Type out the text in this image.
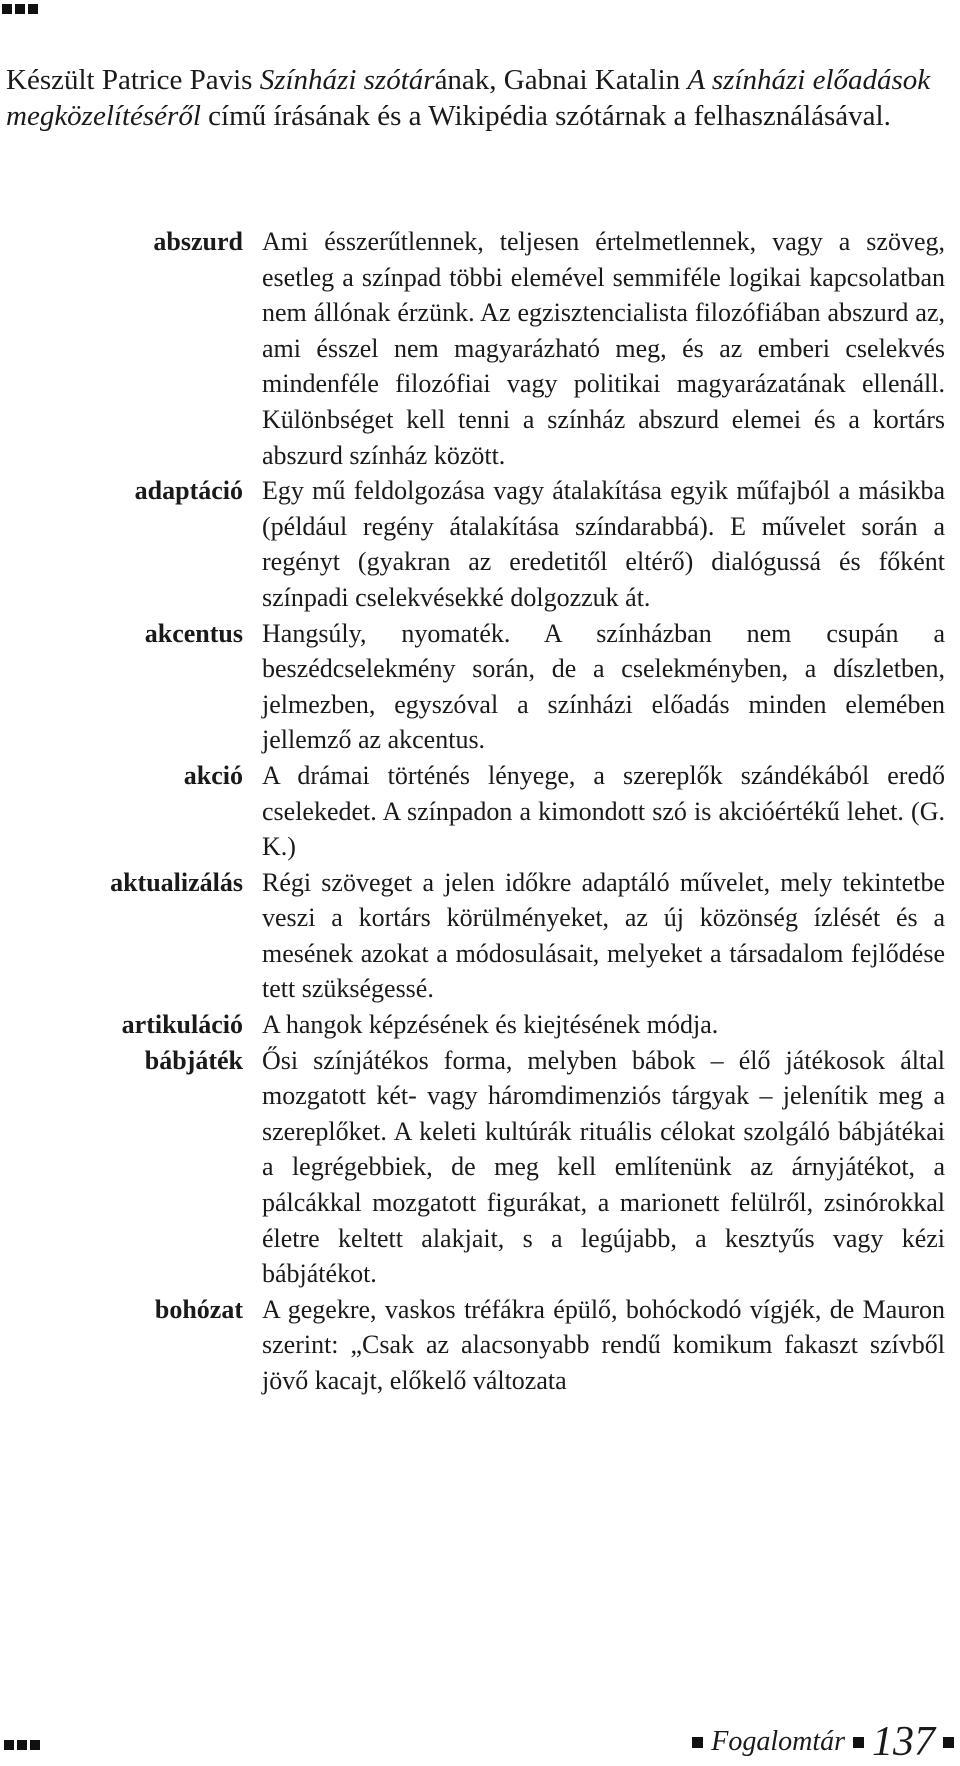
Készült Patrice Pavis Színházi szótárának, Gabnai Katalin A színházi előadások megközelítéséről című írásának és a Wikipédia szótárnak a felhasználásával.

abszurd Ami ésszerűtlennek, teljesen értelmetlennek, vagy a szöveg, esetleg a színpad többi elemével semmiféle logikai kapcsolatban nem állónak érzünk. Az egzisztencialista filozófiában abszurd az, ami ésszel nem magyarázható meg, és az emberi cselekvés mindenféle filozófiai vagy politikai magyarázatának ellenáll. Különbséget kell tenni a színház abszurd elemei és a kortárs abszurd színház között.
adaptáció Egy mű feldolgozása vagy átalakítása egyik műfajból a másikba (például regény átalakítása színdarabbá). E művelet során a regényt (gyakran az eredetitől eltérő) dialógussá és főként színpadi cselekvésekké dolgozzuk át.
akcentus Hangsúly, nyomaték. A színházban nem csupán a beszédcselekmény során, de a cselekményben, a díszletben, jelmezben, egyszóval a színházi előadás minden elemében jellemző az akcentus.
akció A drámai történés lényege, a szereplők szándékából eredő cselekedet. A színpadon a kimondott szó is akcióértékű lehet. (G. K.)
aktualizálás Régi szöveget a jelen időkre adaptáló művelet, mely tekintetbe veszi a kortárs körülményeket, az új közönség ízlését és a mesének azokat a módosulásait, melyeket a társadalom fejlődése tett szükségessé.
artikuláció A hangok képzésének és kiejtésének módja.
bábjáték Ősi színjátékos forma, melyben bábok – élő játékosok által mozgatott két- vagy háromdimenziós tárgyak – jelenítik meg a szereplőket. A keleti kultúrák rituális célokat szolgáló bábjátékai a legrégebbiek, de meg kell említenünk az árnyjátékot, a pálcákkal mozgatott figurákat, a marionett felülről, zsinórokkal életre keltett alakjait, s a legújabb, a kesztyűs vagy kézi bábjátékot.
bohózat A gegekre, vaskos tréfákra épülő, bohóckodó vígjék, de Mauron szerint: „Csak az alacsonyabb rendű komikum fakaszt szívből jövő kacajt, előkelő változata
Fogalomtár 137
